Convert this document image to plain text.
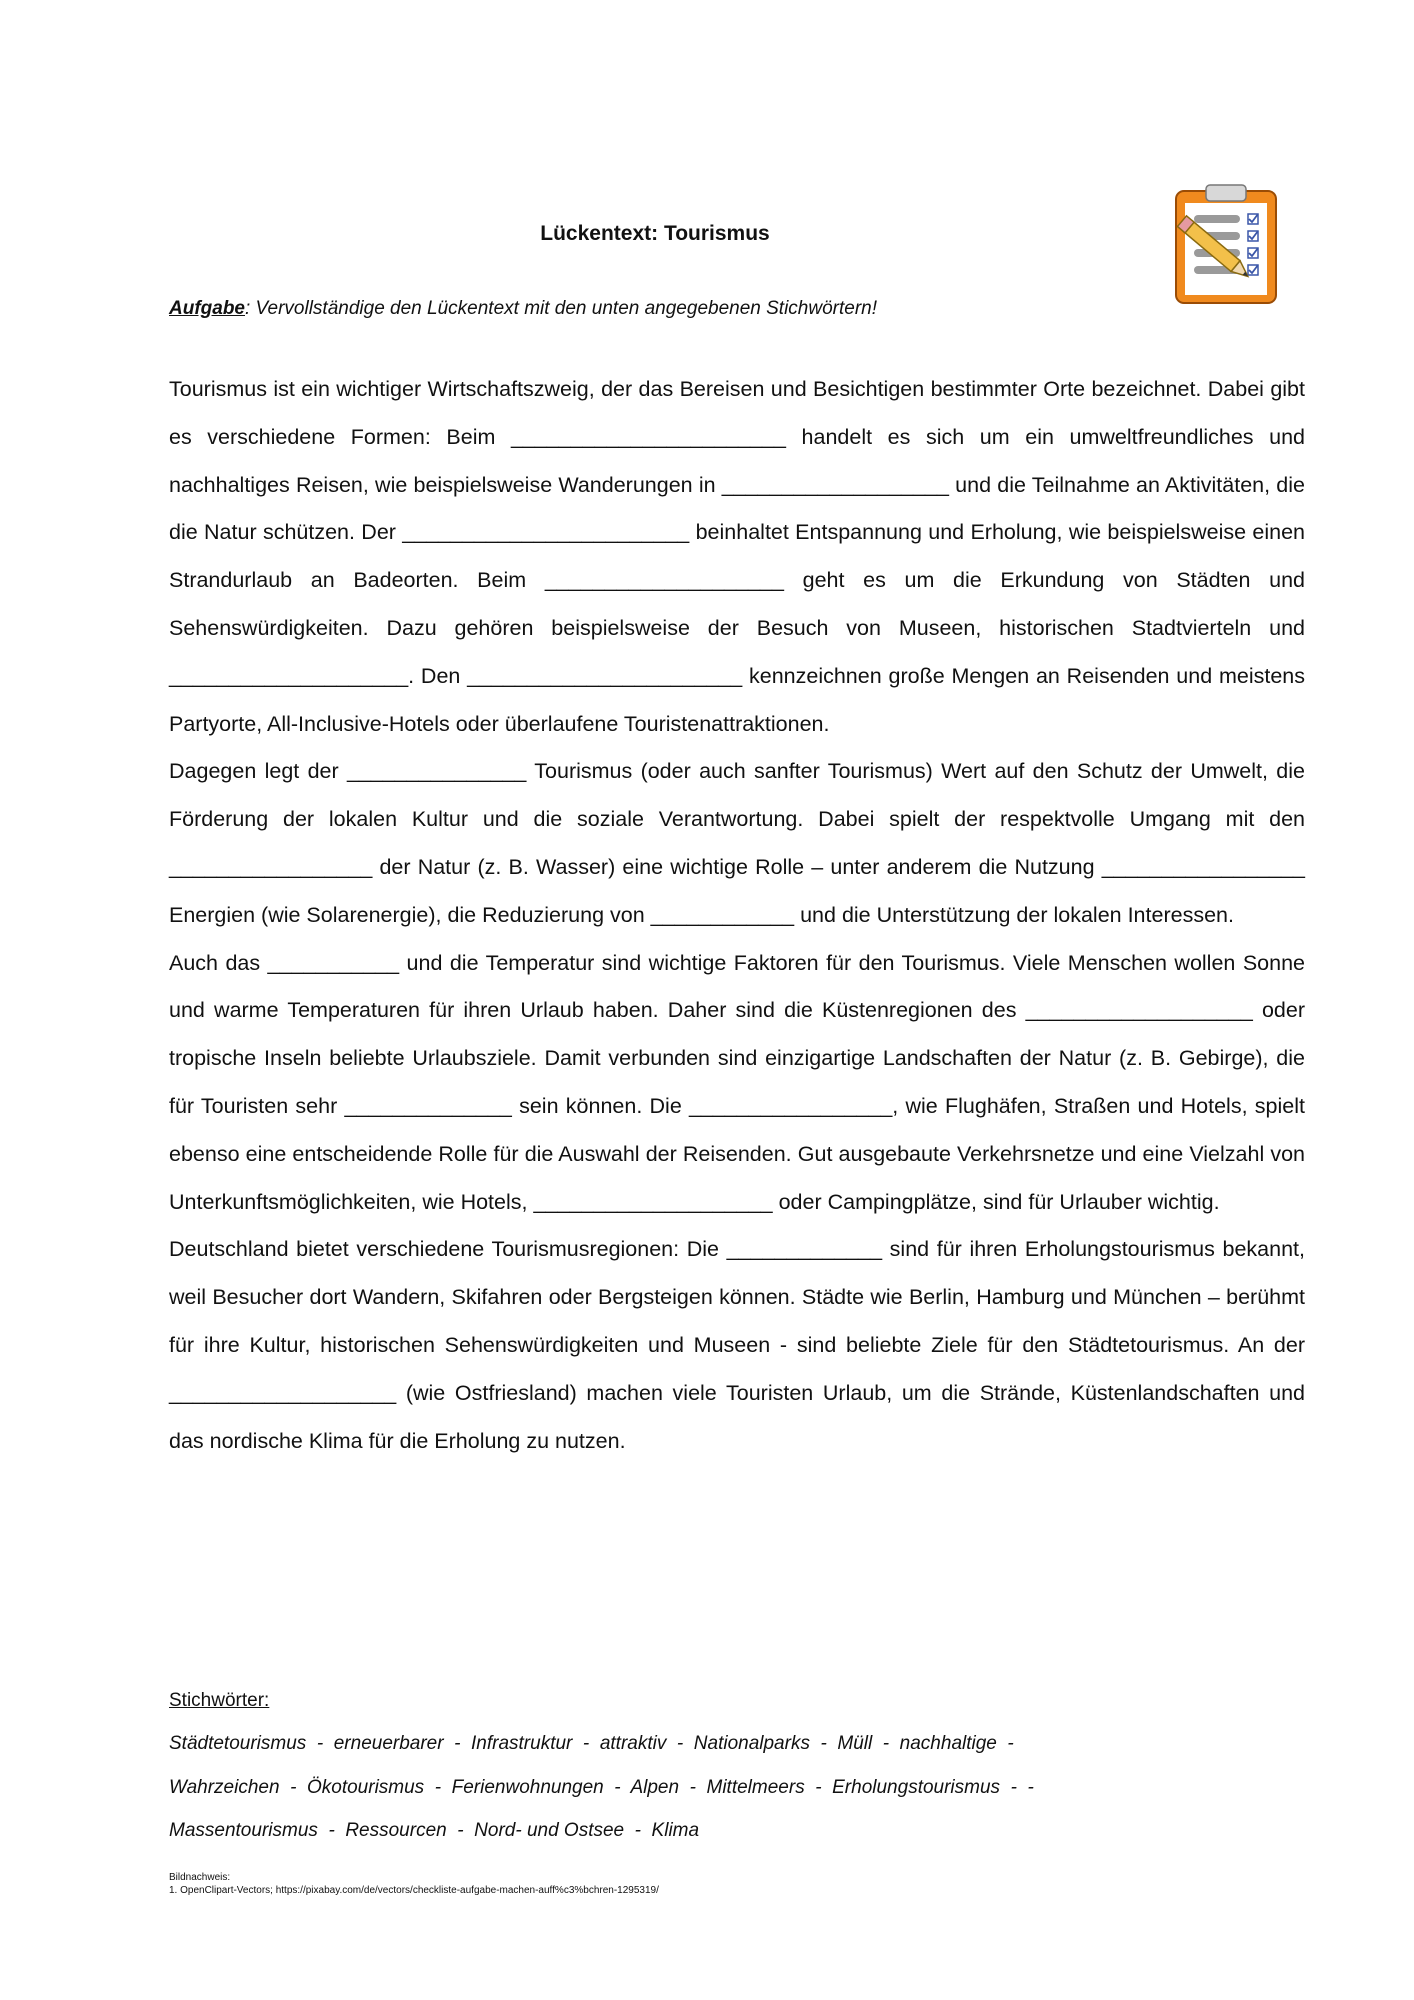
Lückentext: Tourismus
Aufgabe: Vervollständige den Lückentext mit den unten angegebenen Stichwörtern!

Tourismus ist ein wichtiger Wirtschaftszweig, der das Bereisen und Besichtigen bestimmter Orte bezeichnet. Dabei gibt es verschiedene Formen: Beim _______________________ handelt es sich um ein umweltfreundliches und nachhaltiges Reisen, wie beispielsweise Wanderungen in ___________________ und die Teilnahme an Aktivitäten, die die Natur schützen. Der ________________________ beinhaltet Entspannung und Erholung, wie beispielsweise einen Strandurlaub an Badeorten. Beim ____________________ geht es um die Erkundung von Städten und Sehenswürdigkeiten. Dazu gehören beispielsweise der Besuch von Museen, historischen Stadtvierteln und ____________________. Den _______________________ kennzeichnen große Mengen an Reisenden und meistens Partyorte, All-Inclusive-Hotels oder überlaufene Touristenattraktionen.

Dagegen legt der _______________ Tourismus (oder auch sanfter Tourismus) Wert auf den Schutz der Umwelt, die Förderung der lokalen Kultur und die soziale Verantwortung. Dabei spielt der respektvolle Umgang mit den _________________ der Natur (z. B. Wasser) eine wichtige Rolle – unter anderem die Nutzung _________________ Energien (wie Solarenergie), die Reduzierung von ____________ und die Unterstützung der lokalen Interessen.

Auch das ___________ und die Temperatur sind wichtige Faktoren für den Tourismus. Viele Menschen wollen Sonne und warme Temperaturen für ihren Urlaub haben. Daher sind die Küstenregionen des ___________________ oder tropische Inseln beliebte Urlaubsziele. Damit verbunden sind einzigartige Landschaften der Natur (z. B. Gebirge), die für Touristen sehr ______________ sein können. Die _________________, wie Flughäfen, Straßen und Hotels, spielt ebenso eine entscheidende Rolle für die Auswahl der Reisenden. Gut ausgebaute Verkehrsnetze und eine Vielzahl von Unterkunftsmöglichkeiten, wie Hotels, ____________________ oder Campingplätze, sind für Urlauber wichtig.

Deutschland bietet verschiedene Tourismusregionen: Die _____________ sind für ihren Erholungstourismus bekannt, weil Besucher dort Wandern, Skifahren oder Bergsteigen können. Städte wie Berlin, Hamburg und München – berühmt für ihre Kultur, historischen Sehenswürdigkeiten und Museen - sind beliebte Ziele für den Städtetourismus. An der ___________________ (wie Ostfriesland) machen viele Touristen Urlaub, um die Strände, Küstenlandschaften und das nordische Klima für die Erholung zu nutzen.

Stichwörter:

Städtetourismus  -  erneuerbarer  -  Infrastruktur  -  attraktiv  -  Nationalparks  -  Müll  -  nachhaltige  -

Wahrzeichen  -  Ökotourismus  -  Ferienwohnungen  -  Alpen  -  Mittelmeers  -  Erholungstourismus  -  -

Massentourismus  -  Ressourcen  -  Nord- und Ostsee  -  Klima

Bildnachweis:
1. OpenClipart-Vectors; https://pixabay.com/de/vectors/checkliste-aufgabe-machen-auff%c3%bchren-1295319/
